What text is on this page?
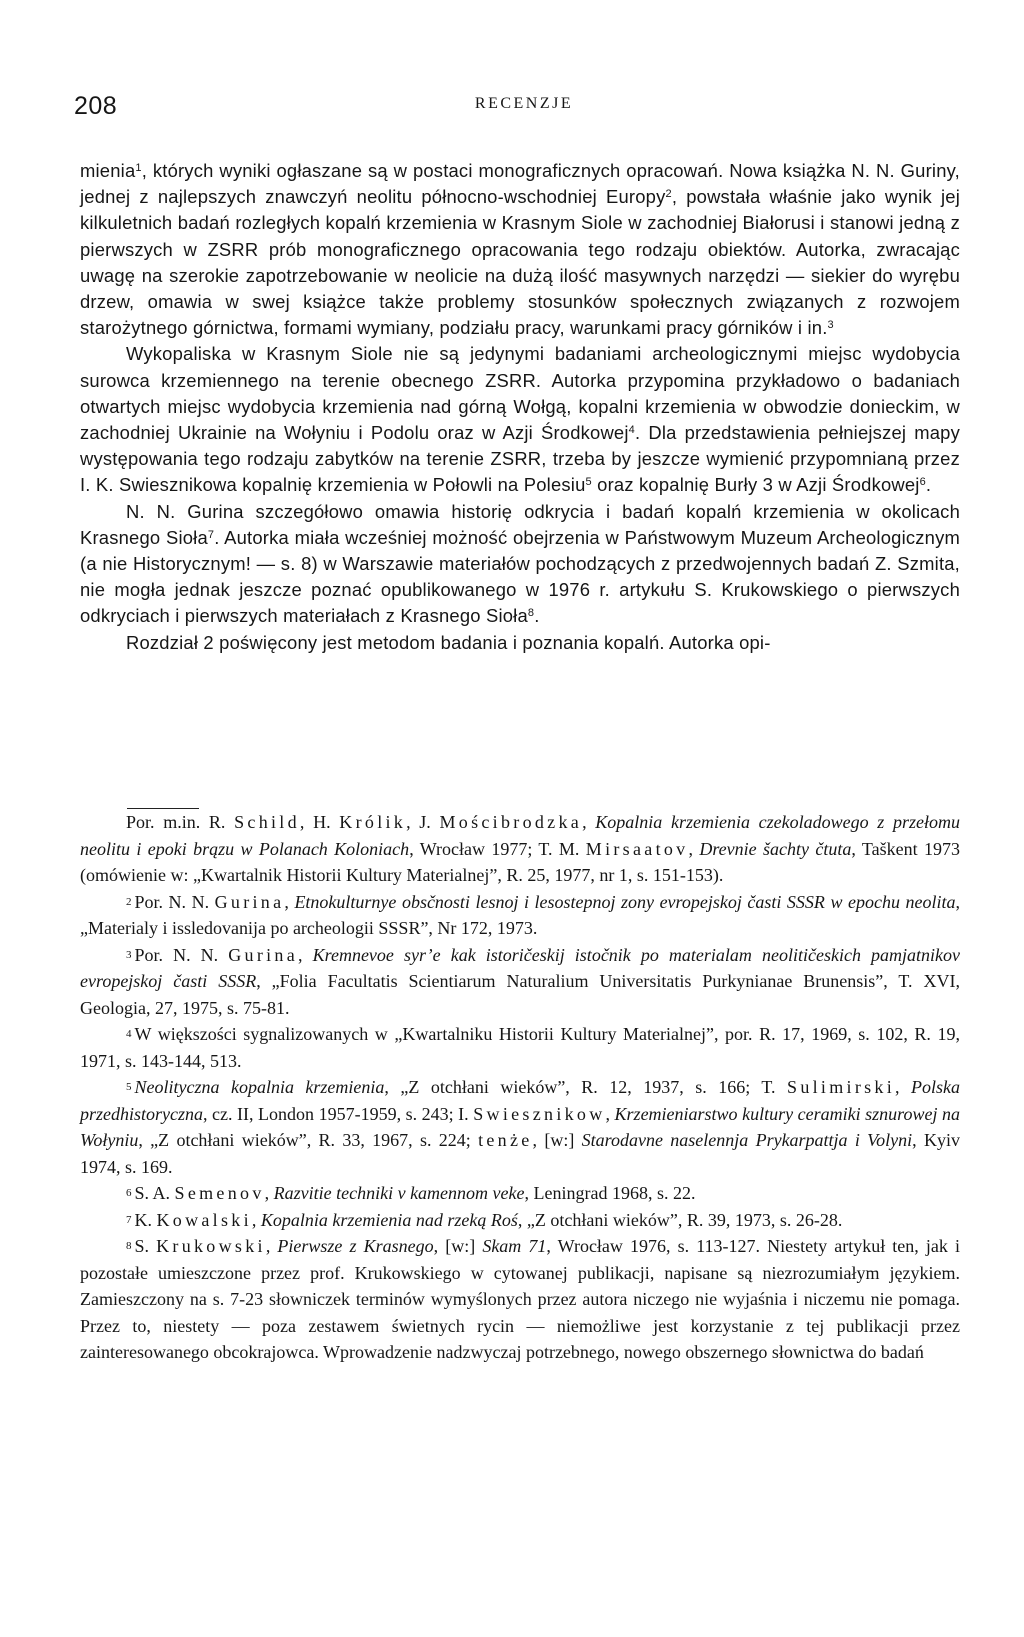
208	RECENZJE

mienia$^1$, których wyniki ogłaszane są w postaci monograficznych opracowań. Nowa książka N. N. Guriny, jednej z najlepszych znawczyń neolitu północno-wschodniej Europy$^2$, powstała właśnie jako wynik jej kilkuletnich badań rozległych kopalń krzemienia w Krasnym Siole w zachodniej Białorusi i stanowi jedną z pierwszych w ZSRR prób monograficznego opracowania tego rodzaju obiektów. Autorka, zwracając uwagę na szerokie zapotrzebowanie w neolicie na dużą ilość masywnych narzędzi — siekier do wyrębu drzew, omawia w swej książce także problemy stosunków społecznych związanych z rozwojem starożytnego górnictwa, formami wymiany, podziału pracy, warunkami pracy górników i in.$^3$

Wykopaliska w Krasnym Siole nie są jedynymi badaniami archeologicznymi miejsc wydobycia surowca krzemiennego na terenie obecnego ZSRR. Autorka przypomina przykładowo o badaniach otwartych miejsc wydobycia krzemienia nad górną Wołgą, kopalni krzemienia w obwodzie donieckim, w zachodniej Ukrainie na Wołyniu i Podolu oraz w Azji Środkowej$^4$. Dla przedstawienia pełniejszej mapy występowania tego rodzaju zabytków na terenie ZSRR, trzeba by jeszcze wymienić przypomnianą przez I. K. Swiesznikowa kopalnię krzemienia w Połowli na Polesiu$^5$ oraz kopalnię Burły 3 w Azji Środkowej$^6$.

N. N. Gurina szczegółowo omawia historię odkrycia i badań kopalń krzemienia w okolicach Krasnego Sioła$^7$. Autorka miała wcześniej możność obejrzenia w Państwowym Muzeum Archeologicznym (a nie Historycznym! — s. 8) w Warszawie materiałów pochodzących z przedwojennych badań Z. Szmita, nie mogła jednak jeszcze poznać opublikowanego w 1976 r. artykułu S. Krukowskiego o pierwszych odkryciach i pierwszych materiałach z Krasnego Sioła$^8$.

Rozdział 2 poświęcony jest metodom badania i poznania kopalń. Autorka opi-

Por. m.in. R. Schild, H. Królik, J. Mościbrodzka, Kopalnia krzemienia czekoladowego z przełomu neolitu i epoki brązu w Polanach Koloniach, Wrocław 1977; T. M. Mirsaatov, Drevnie šachty čtuta, Taškent 1973 (omówienie w: „Kwartalnik Historii Kultury Materialnej”, R. 25, 1977, nr 1, s. 151-153).

$^2$ Por. N. N. Gurina, Etnokulturnye obsčnosti lesnoj i lesostepnoj zony evropejskoj časti SSSR w epochu neolita, „Materialy i issledovanija po archeologii SSSR”, Nr 172, 1973.

$^3$ Por. N. N. Gurina, Kremnevoe syr’e kak istoričeskij istočnik po materialam neolitičeskich pamjatnikov evropejskoj časti SSSR, „Folia Facultatis Scientiarum Naturalium Universitatis Purkynianae Brunensis”, T. XVI, Geologia, 27, 1975, s. 75-81.

$^4$ W większości sygnalizowanych w „Kwartalniku Historii Kultury Materialnej”, por. R. 17, 1969, s. 102, R. 19, 1971, s. 143-144, 513.

$^5$ Neolityczna kopalnia krzemienia, „Z otchłani wieków”, R. 12, 1937, s. 166; T. Sulimirski, Polska przedhistoryczna, cz. II, London 1957-1959, s. 243; I. Swiesznikow, Krzemieniarstwo kultury ceramiki sznurowej na Wołyniu, „Z otchłani wieków”, R. 33, 1967, s. 224; tenże, [w:] Starodavne naselennja Prykarpattja i Volyni, Kyiv 1974, s. 169.

$^6$ S. A. Semenov, Razvitie techniki v kamennom veke, Leningrad 1968, s. 22.

$^7$ K. Kowalski, Kopalnia krzemienia nad rzeką Roś, „Z otchłani wieków”, R. 39, 1973, s. 26-28.

$^8$ S. Krukowski, Pierwsze z Krasnego, [w:] Skam 71, Wrocław 1976, s. 113-127. Niestety artykuł ten, jak i pozostałe umieszczone przez prof. Krukowskiego w cytowanej publikacji, napisane są niezrozumiałym językiem. Zamieszczony na s. 7-23 słowniczek terminów wymyślonych przez autora niczego nie wyjaśnia i niczemu nie pomaga. Przez to, niestety — poza zestawem świetnych rycin — niemożliwe jest korzystanie z tej publikacji przez zainteresowanego obcokrajowca. Wprowadzenie nadzwyczaj potrzebnego, nowego obszernego słownictwa do badań
